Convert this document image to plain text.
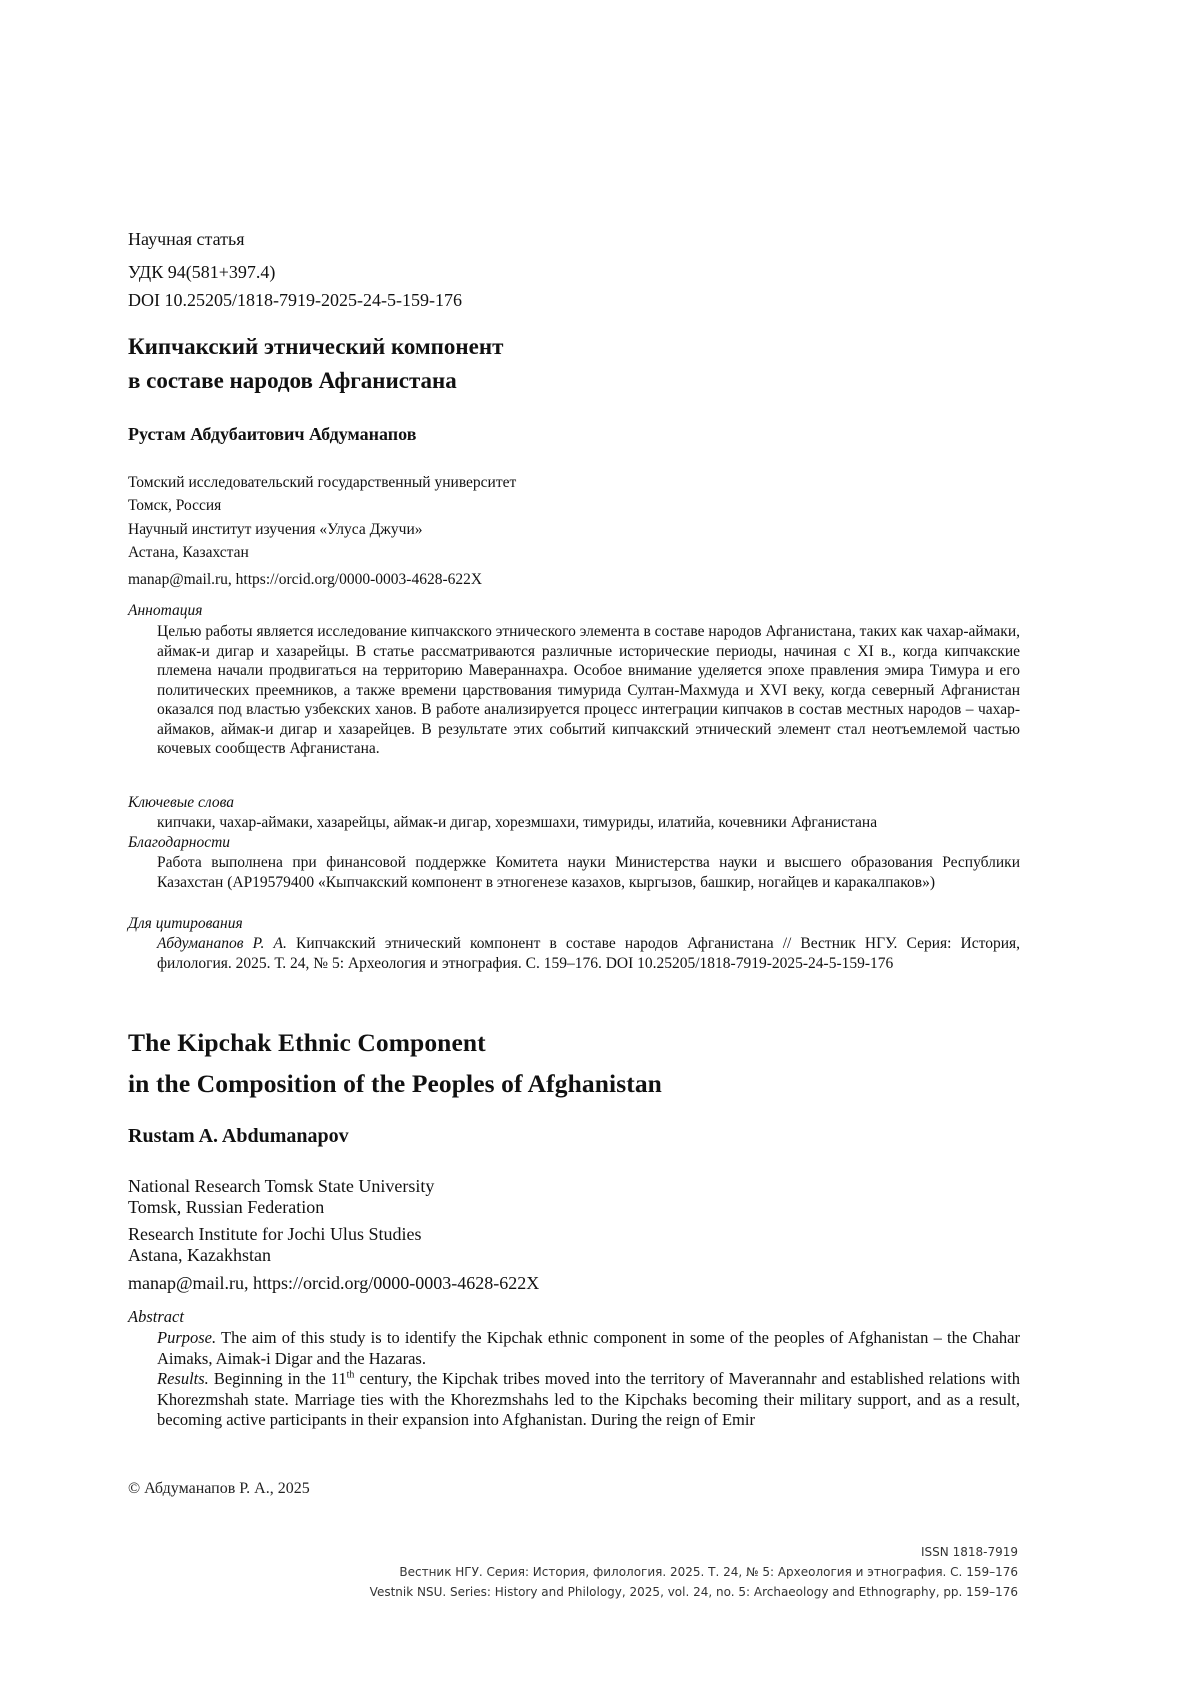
Научная статья

УДК 94(581+397.4)

DOI 10.25205/1818-7919-2025-24-5-159-176

Кипчакский этнический компонент

в составе народов Афганистана

Рустам Абдубаитович Абдуманапов

Томский исследовательский государственный университет

Томск, Россия

Научный институт изучения «Улуса Джучи»

Астана, Казахстан

manap@mail.ru, https://orcid.org/0000-0003-4628-622X

Аннотация

Целью работы является исследование кипчакского этнического элемента в составе народов Афганистана, таких как чахар-аймаки, аймак-и дигар и хазарейцы. В статье рассматриваются различные исторические периоды, начиная с XI в., когда кипчакские племена начали продвигаться на территорию Мавераннахра. Особое внимание уделяется эпохе правления эмира Тимура и его политических преемников, а также времени царствования тимурида Султан-Махмуда и XVI веку, когда северный Афганистан оказался под властью узбекских ханов. В работе анализируется процесс интеграции кипчаков в состав местных народов – чахар-аймаков, аймак-и дигар и хазарейцев. В результате этих событий кипчакский этнический элемент стал неотъемлемой частью кочевых сообществ Афганистана.

Ключевые слова

кипчаки, чахар-аймаки, хазарейцы, аймак-и дигар, хорезмшахи, тимуриды, илатийа, кочевники Афганистана

Благодарности

Работа выполнена при финансовой поддержке Комитета науки Министерства науки и высшего образования Республики Казахстан (AP19579400 «Кыпчакский компонент в этногенезе казахов, кыргызов, башкир, ногайцев и каракалпаков»)

Для цитирования

Абдуманапов Р. А. Кипчакский этнический компонент в составе народов Афганистана // Вестник НГУ. Серия: История, филология. 2025. Т. 24, № 5: Археология и этнография. С. 159–176. DOI 10.25205/1818-7919-2025-24-5-159-176

The Kipchak Ethnic Component

in the Composition of the Peoples of Afghanistan

Rustam A. Abdumanapov

National Research Tomsk State University

Tomsk, Russian Federation

Research Institute for Jochi Ulus Studies

Astana, Kazakhstan

manap@mail.ru, https://orcid.org/0000-0003-4628-622X

Abstract

Purpose. The aim of this study is to identify the Kipchak ethnic component in some of the peoples of Afghanistan – the Chahar Aimaks, Aimak-i Digar and the Hazaras.

Results. Beginning in the 11th century, the Kipchak tribes moved into the territory of Maverannahr and established relations with Khorezmshah state. Marriage ties with the Khorezmshahs led to the Kipchaks becoming their military support, and as a result, becoming active participants in their expansion into Afghanistan. During the reign of Emir

© Абдуманапов Р. А., 2025

ISSN 1818-7919

Вестник НГУ. Серия: История, филология. 2025. Т. 24, № 5: Археология и этнография. С. 159–176

Vestnik NSU. Series: History and Philology, 2025, vol. 24, no. 5: Archaeology and Ethnography, pp. 159–176
